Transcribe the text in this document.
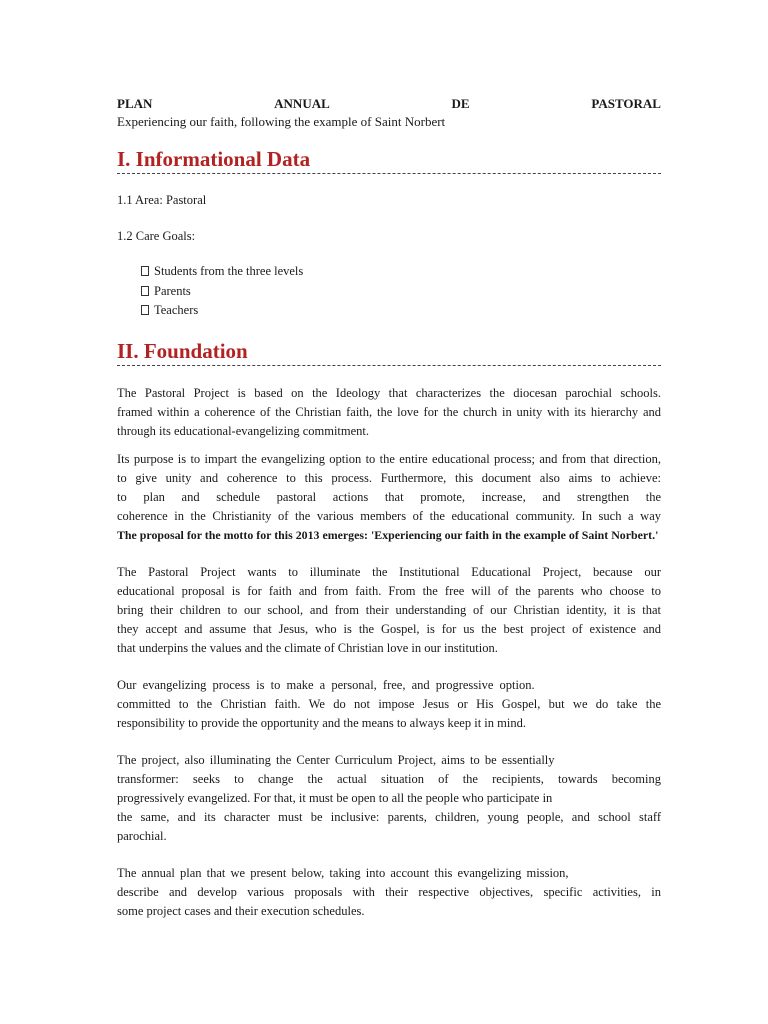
PLAN	ANNUAL	DE	PASTORAL
Experiencing our faith, following the example of Saint Norbert
I. Informational Data

1.1 Area: Pastoral

1.2 Care Goals:

Students from the three levels
Parents
Teachers
II. Foundation

The Pastoral Project is based on the Ideology that characterizes the diocesan parochial schools.

framed within a coherence of the Christian faith, the love for the church in unity with its hierarchy and

through its educational-evangelizing commitment.

Its purpose is to impart the evangelizing option to the entire educational process; and from that direction,

to give unity and coherence to this process. Furthermore, this document also aims to achieve:

to plan and schedule pastoral actions that promote, increase, and strengthen the

coherence in the Christianity of the various members of the educational community. In such a way

The proposal for the motto for this 2013 emerges: 'Experiencing our faith in the example of Saint Norbert.'

The Pastoral Project wants to illuminate the Institutional Educational Project, because our

educational proposal is for faith and from faith. From the free will of the parents who choose to

bring their children to our school, and from their understanding of our Christian identity, it is that

they accept and assume that Jesus, who is the Gospel, is for us the best project of existence and

that underpins the values and the climate of Christian love in our institution.

Our evangelizing process is to make a personal, free, and progressive option.

committed to the Christian faith. We do not impose Jesus or His Gospel, but we do take the

responsibility to provide the opportunity and the means to always keep it in mind.

The project, also illuminating the Center Curriculum Project, aims to be essentially

transformer: seeks to change the actual situation of the recipients, towards becoming

progressively evangelized. For that, it must be open to all the people who participate in

the same, and its character must be inclusive: parents, children, young people, and school staff

parochial.

The annual plan that we present below, taking into account this evangelizing mission,

describe and develop various proposals with their respective objectives, specific activities, in

some project cases and their execution schedules.
